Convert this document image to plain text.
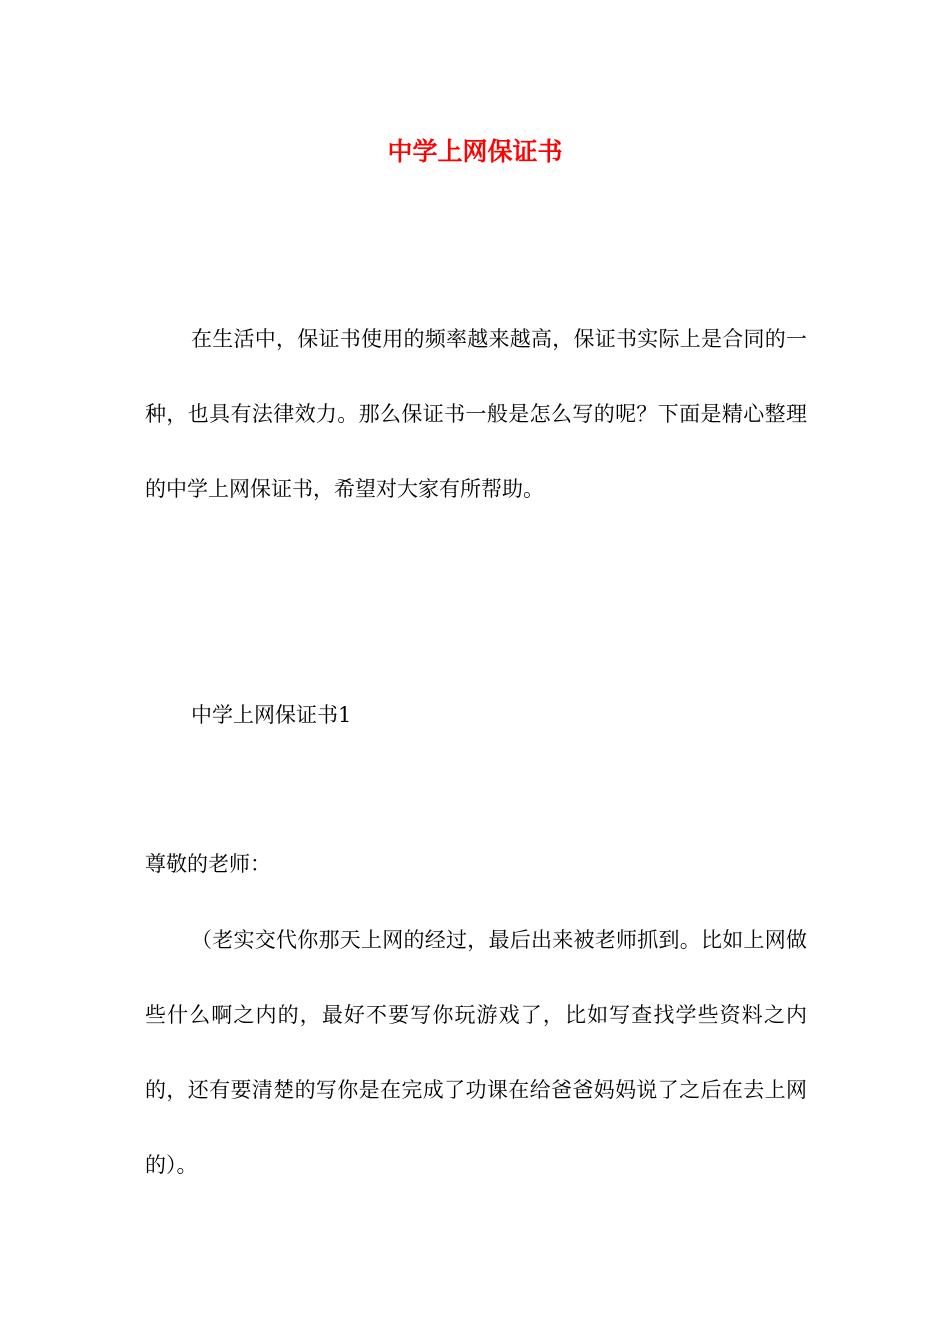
中学上网保证书

在生活中，保证书使用的频率越来越高，保证书实际上是合同的一种，也具有法律效力。那么保证书一般是怎么写的呢？下面是精心整理的中学上网保证书，希望对大家有所帮助。

中学上网保证书1
尊敬的老师：

（老实交代你那天上网的经过，最后出来被老师抓到。比如上网做些什么啊之内的，最好不要写你玩游戏了，比如写查找学些资料之内的，还有要清楚的写你是在完成了功课在给爸爸妈妈说了之后在去上网的）。
